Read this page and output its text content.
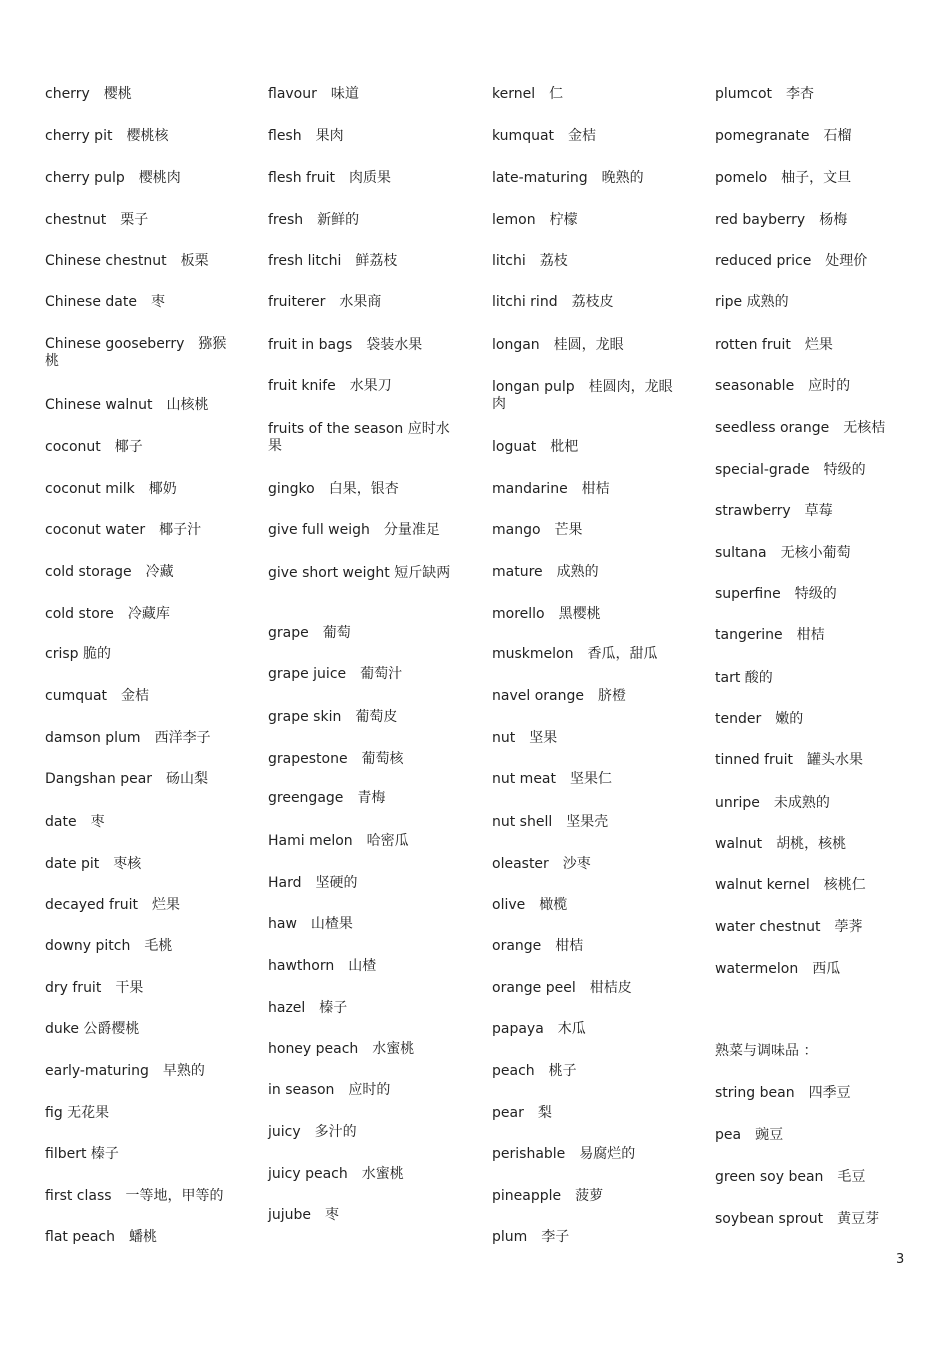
cherry　樱桃
cherry pit　樱桃核
cherry pulp　樱桃肉
chestnut　栗子
Chinese chestnut　板栗
Chinese date　枣
Chinese gooseberry　猕猴桃
Chinese walnut　山核桃
coconut　椰子
coconut milk　椰奶
coconut water　椰子汁
cold storage　冷藏
cold store　冷藏库
crisp 脆的
cumquat　金桔
damson plum　西洋李子
Dangshan pear　砀山梨
date　枣
date pit　枣核
decayed fruit　烂果
downy pitch　毛桃
dry fruit　干果
duke 公爵樱桃
early-maturing　早熟的
fig 无花果
filbert 榛子
first class　一等地，甲等的
flat peach　蟠桃
flavour　味道
flesh　果肉
flesh fruit　肉质果
fresh　新鲜的
fresh litchi　鲜荔枝
fruiterer　水果商
fruit in bags　袋装水果
fruit knife　水果刀
fruits of the season 应时水果
gingko　白果，银杏
give full weigh　分量准足
give short weight 短斤缺两
grape　葡萄
grape juice　葡萄汁
grape skin　葡萄皮
grapestone　葡萄核
greengage　青梅
Hami melon　哈密瓜
Hard　坚硬的
haw　山楂果
hawthorn　山楂
hazel　榛子
honey peach　水蜜桃
in season　应时的
juicy　多汁的
juicy peach　水蜜桃
jujube　枣
kernel　仁
kumquat　金桔
late-maturing　晚熟的
lemon　柠檬
litchi　荔枝
litchi rind　荔枝皮
longan　桂圆，龙眼
longan pulp　桂圆肉，龙眼肉
loguat　枇杷
mandarine　柑桔
mango　芒果
mature　成熟的
morello　黑樱桃
muskmelon　香瓜，甜瓜
navel orange　脐橙
nut　坚果
nut meat　坚果仁
nut shell　坚果壳
oleaster　沙枣
olive　橄榄
orange　柑桔
orange peel　柑桔皮
papaya　木瓜
peach　桃子
pear　梨
perishable　易腐烂的
pineapple　菠萝
plum　李子
熟菜与调味品 ：
plumcot　李杏
pomegranate　石榴
pomelo　柚子，文旦
red bayberry　杨梅
reduced price　处理价
ripe 成熟的
rotten fruit　烂果
seasonable　应时的
seedless orange　无核桔
special-grade　特级的
strawberry　草莓
sultana　无核小葡萄
superfine　特级的
tangerine　柑桔
tart 酸的
tender　嫩的
tinned fruit　罐头水果
unripe　未成熟的
walnut　胡桃，核桃
walnut kernel　核桃仁
water chestnut　荸荠
watermelon　西瓜
string bean　四季豆
pea　豌豆
green soy bean　毛豆
soybean sprout　黄豆芽
3
